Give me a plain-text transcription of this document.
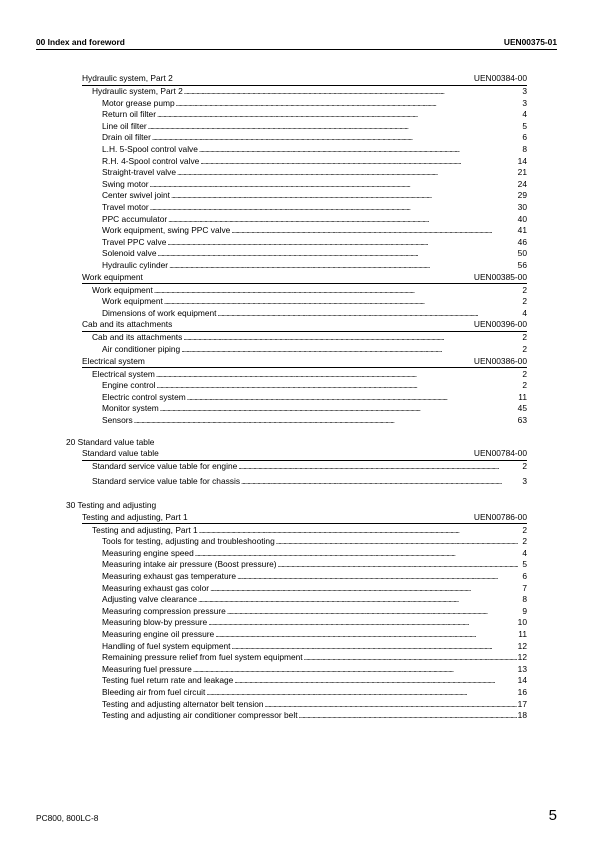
00 Index and foreword	UEN00375-01
Hydraulic system, Part 2	UEN00384-00
Hydraulic system, Part 2 . . .	3
Motor grease pump . . .	3
Return oil filter . . .	4
Line oil filter . . .	5
Drain oil filter . . .	6
L.H. 5-Spool control valve . . .	8
R.H. 4-Spool control valve . . .	14
Straight-travel valve . . .	21
Swing motor . . .	24
Center swivel joint . . .	29
Travel motor . . .	30
PPC accumulator . . .	40
Work equipment, swing PPC valve . . .	41
Travel PPC valve . . .	46
Solenoid valve . . .	50
Hydraulic cylinder . . .	56
Work equipment	UEN00385-00
Work equipment . . .	2
Work equipment . . .	2
Dimensions of work equipment . . .	4
Cab and its attachments	UEN00396-00
Cab and its attachments . . .	2
Air conditioner piping . . .	2
Electrical system	UEN00386-00
Electrical system . . .	2
Engine control . . .	2
Electric control system . . .	11
Monitor system . . .	45
Sensors . . .	63
20 Standard value table
Standard value table	UEN00784-00
Standard service value table for engine . . .	2
Standard service value table for chassis . . .	3
30 Testing and adjusting
Testing and adjusting, Part 1	UEN00786-00
Testing and adjusting, Part 1 . . .	2
Tools for testing, adjusting and troubleshooting . . .	2
Measuring engine speed . . .	4
Measuring intake air pressure (Boost pressure) . . .	5
Measuring exhaust gas temperature . . .	6
Measuring exhaust gas color . . .	7
Adjusting valve clearance . . .	8
Measuring compression pressure . . .	9
Measuring blow-by pressure . . .	10
Measuring engine oil pressure . . .	11
Handling of fuel system equipment . . .	12
Remaining pressure relief from fuel system equipment . . .	12
Measuring fuel pressure . . .	13
Testing fuel return rate and leakage . . .	14
Bleeding air from fuel circuit . . .	16
Testing and adjusting alternator belt tension . . .	17
Testing and adjusting air conditioner compressor belt . . .	18
PC800, 800LC-8	5
